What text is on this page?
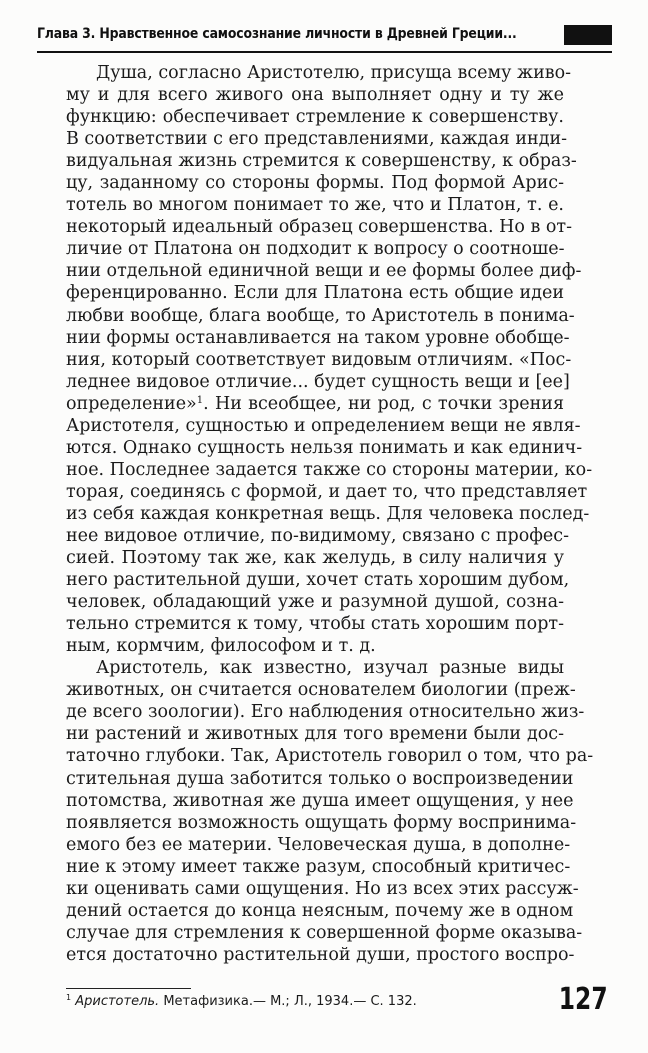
Глава 3. Нравственное самосознание личности в Древней Греции...
Душа, согласно Аристотелю, присуща всему живо-
му и для всего живого она выполняет одну и ту же
функцию: обеспечивает стремление к совершенству.
В соответствии с его представлениями, каждая инди-
видуальная жизнь стремится к совершенству, к образ-
цу, заданному со стороны формы. Под формой Арис-
тотель во многом понимает то же, что и Платон, т. е.
некоторый идеальный образец совершенства. Но в от-
личие от Платона он подходит к вопросу о соотноше-
нии отдельной единичной вещи и ее формы более диф-
ференцированно. Если для Платона есть общие идеи
любви вообще, блага вообще, то Аристотель в понима-
нии формы останавливается на таком уровне обобще-
ния, который соответствует видовым отличиям. «Пос-
леднее видовое отличие... будет сущность вещи и [ее]
определение»$^1$. Ни всеобщее, ни род, с точки зрения
Аристотеля, сущностью и определением вещи не явля-
ются. Однако сущность нельзя понимать и как единич-
ное. Последнее задается также со стороны материи, ко-
торая, соединясь с формой, и дает то, что представляет
из себя каждая конкретная вещь. Для человека послед-
нее видовое отличие, по-видимому, связано с профес-
сией. Поэтому так же, как желудь, в силу наличия у
него растительной души, хочет стать хорошим дубом,
человек, обладающий уже и разумной душой, созна-
тельно стремится к тому, чтобы стать хорошим порт-
ным, кормчим, философом и т. д.
Аристотель, как известно, изучал разные виды
животных, он считается основателем биологии (преж-
де всего зоологии). Его наблюдения относительно жиз-
ни растений и животных для того времени были дос-
таточно глубоки. Так, Аристотель говорил о том, что ра-
стительная душа заботится только о воспроизведении
потомства, животная же душа имеет ощущения, у нее
появляется возможность ощущать форму воспринима-
емого без ее материи. Человеческая душа, в дополне-
ние к этому имеет также разум, способный критичес-
ки оценивать сами ощущения. Но из всех этих рассуж-
дений остается до конца неясным, почему же в одном
случае для стремления к совершенной форме оказыва-
ется достаточно растительной души, простого воспро-
$^1$ Аристотель. Метафизика.— М.; Л., 1934.— С. 132.	127
